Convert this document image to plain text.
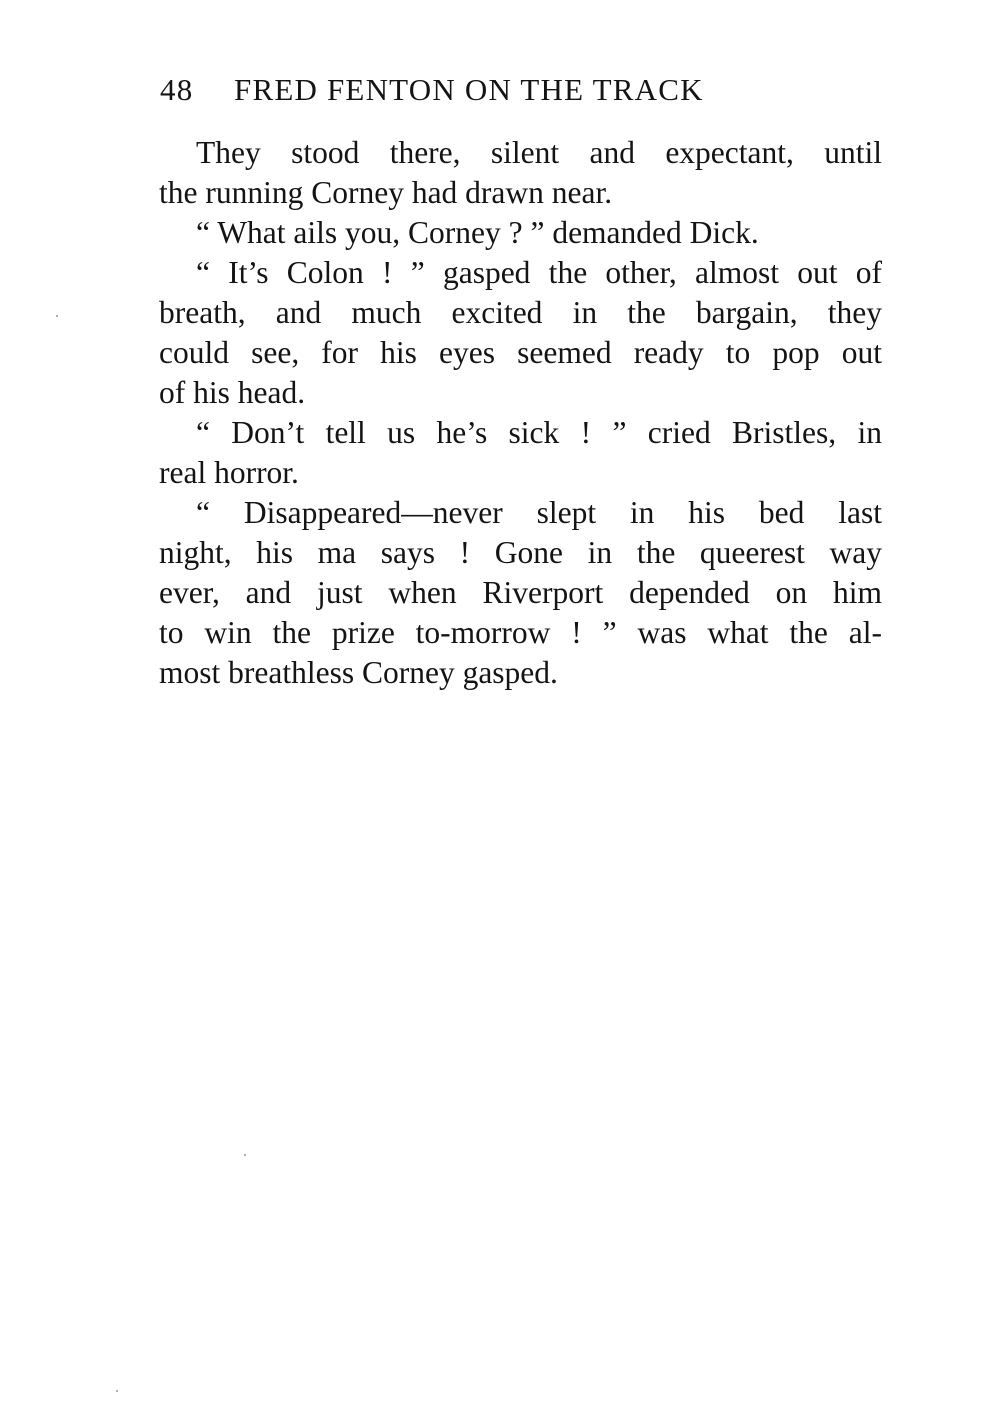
48 FRED FENTON ON THE TRACK
They stood there, silent and expectant, until
the running Corney had drawn near.
“ What ails you, Corney ? ” demanded Dick.
“ It’s Colon ! ” gasped the other, almost out of
breath, and much excited in the bargain, they
could see, for his eyes seemed ready to pop out
of his head.
“ Don’t tell us he’s sick ! ” cried Bristles, in
real horror.
“ Disappeared—never slept in his bed last
night, his ma says ! Gone in the queerest way
ever, and just when Riverport depended on him
to win the prize to-morrow ! ” was what the al-
most breathless Corney gasped.
